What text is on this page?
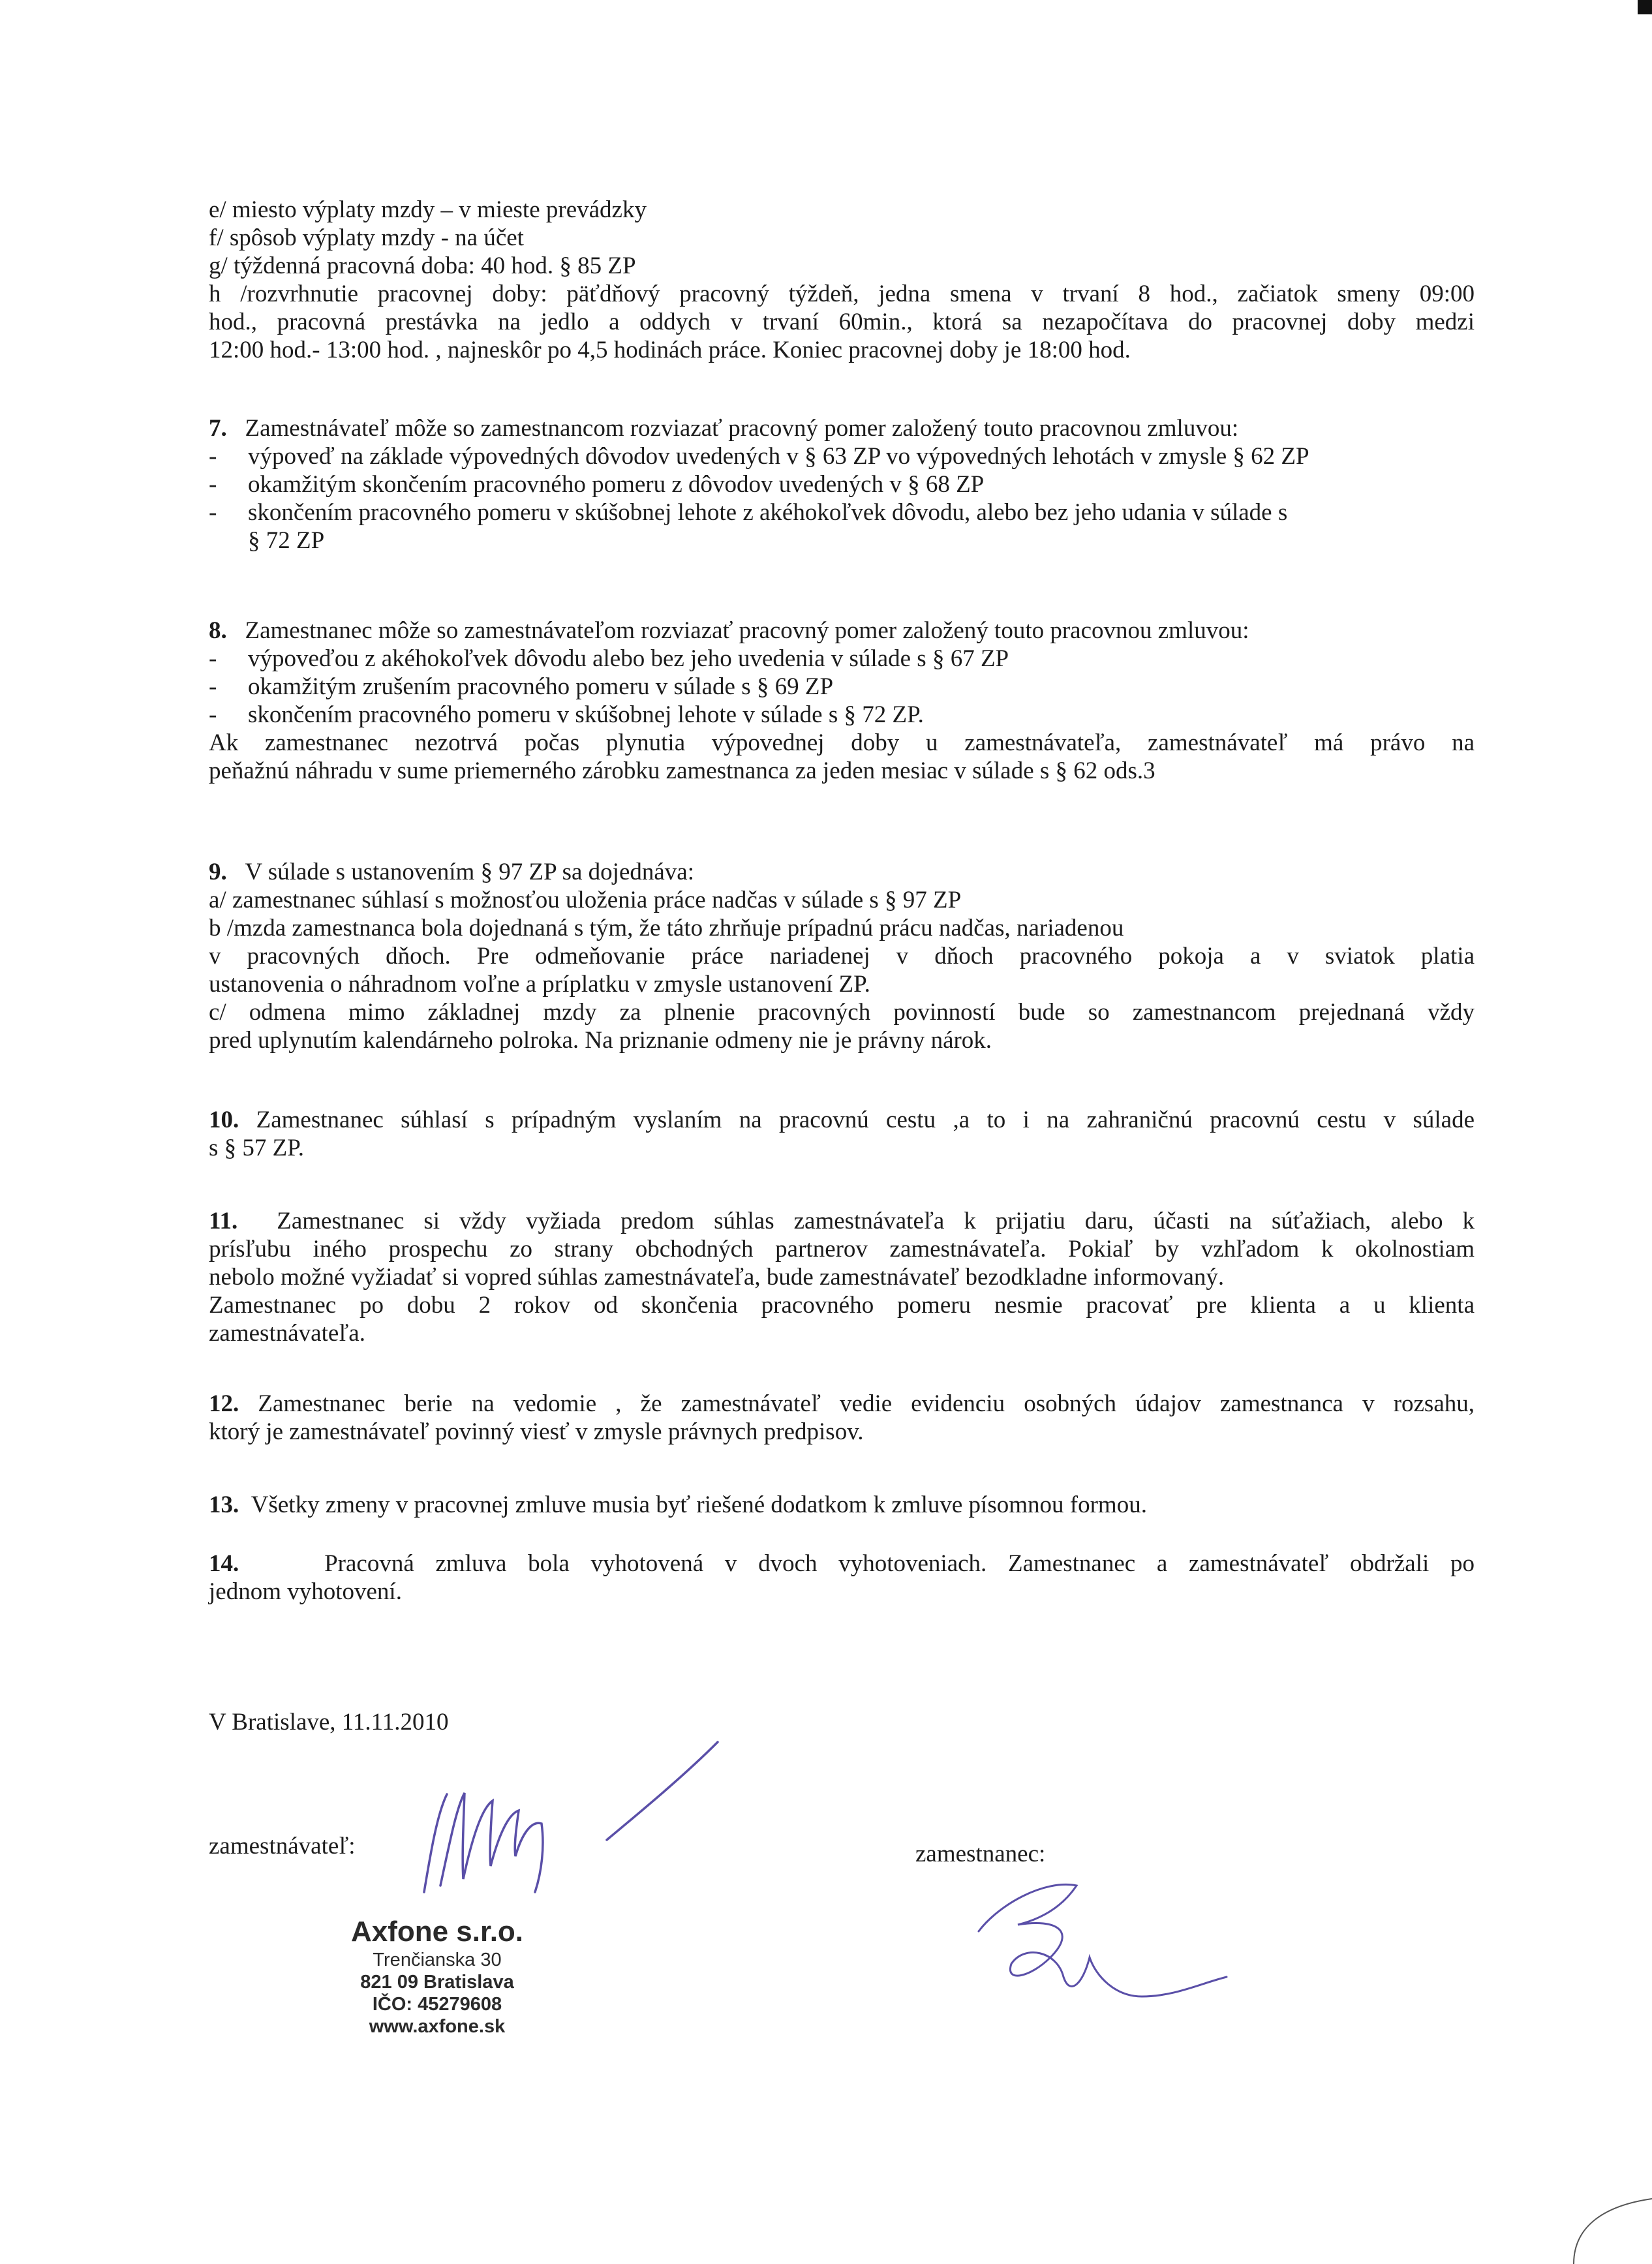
e/ miesto výplaty mzdy – v mieste prevádzky
f/ spôsob výplaty mzdy - na účet
g/ týždenná pracovná doba: 40 hod. § 85 ZP
h /rozvrhnutie pracovnej doby: päťdňový pracovný týždeň, jedna smena v trvaní 8 hod., začiatok smeny 09:00
hod., pracovná prestávka na jedlo a oddych v trvaní 60min., ktorá sa nezapočítava do pracovnej doby medzi
12:00 hod.- 13:00 hod. , najneskôr po 4,5 hodinách práce. Koniec pracovnej doby je 18:00 hod.
7. Zamestnávateľ môže so zamestnancom rozviazať pracovný pomer založený touto pracovnou zmluvou:
- výpoveď na základe výpovedných dôvodov uvedených v § 63 ZP vo výpovedných lehotách v zmysle § 62 ZP
- okamžitým skončením pracovného pomeru z dôvodov uvedených v § 68 ZP
- skončením pracovného pomeru v skúšobnej lehote z akéhokoľvek dôvodu, alebo bez jeho udania v súlade s
§ 72 ZP
8. Zamestnanec môže so zamestnávateľom rozviazať pracovný pomer založený touto pracovnou zmluvou:
- výpoveďou z akéhokoľvek dôvodu alebo bez jeho uvedenia v súlade s § 67 ZP
- okamžitým zrušením pracovného pomeru v súlade s § 69 ZP
- skončením pracovného pomeru v skúšobnej lehote v súlade s § 72 ZP.
Ak zamestnanec nezotrvá počas plynutia výpovednej doby u zamestnávateľa, zamestnávateľ má právo na
peňažnú náhradu v sume priemerného zárobku zamestnanca za jeden mesiac v súlade s § 62 ods.3
9. V súlade s ustanovením § 97 ZP sa dojednáva:
a/ zamestnanec súhlasí s možnosťou uloženia práce nadčas v súlade s § 97 ZP
b /mzda zamestnanca bola dojednaná s tým, že táto zhrňuje prípadnú prácu nadčas, nariadenou
v pracovných dňoch. Pre odmeňovanie práce nariadenej v dňoch pracovného pokoja a v sviatok platia
ustanovenia o náhradnom voľne a príplatku v zmysle ustanovení ZP.
c/ odmena mimo základnej mzdy za plnenie pracovných povinností bude so zamestnancom prejednaná vždy
pred uplynutím kalendárneho polroka. Na priznanie odmeny nie je právny nárok.
10. Zamestnanec súhlasí s prípadným vyslaním na pracovnú cestu ,a to i na zahraničnú pracovnú cestu v súlade
s § 57 ZP.
11. Zamestnanec si vždy vyžiada predom súhlas zamestnávateľa k prijatiu daru, účasti na súťažiach, alebo k
prísľubu iného prospechu zo strany obchodných partnerov zamestnávateľa. Pokiaľ by vzhľadom k okolnostiam
nebolo možné vyžiadať si vopred súhlas zamestnávateľa, bude zamestnávateľ bezodkladne informovaný.
Zamestnanec po dobu 2 rokov od skončenia pracovného pomeru nesmie pracovať pre klienta a u klienta
zamestnávateľa.
12. Zamestnanec berie na vedomie , že zamestnávateľ vedie evidenciu osobných údajov zamestnanca v rozsahu,
ktorý je zamestnávateľ povinný viesť v zmysle právnych predpisov.
13. Všetky zmeny v pracovnej zmluve musia byť riešené dodatkom k zmluve písomnou formou.
14.	Pracovná zmluva bola vyhotovená v dvoch vyhotoveniach. Zamestnanec a zamestnávateľ obdržali po
jednom vyhotovení.
V Bratislave, 11.11.2010
zamestnávateľ:	zamestnanec:
Axfone s.r.o.
Trenčianska 30
821 09 Bratislava
IČO: 45279608
www.axfone.sk
